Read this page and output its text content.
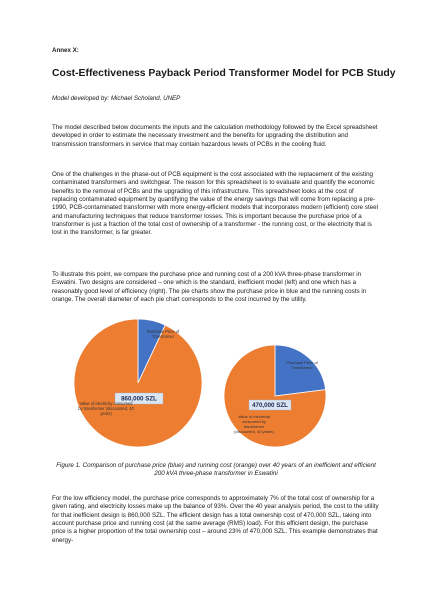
Annex X:
Cost-Effectiveness Payback Period Transformer Model for PCB Study
Model developed by: Michael Scholand, UNEP
The model described below documents the inputs and the calculation methodology followed by the Excel spreadsheet developed in order to estimate the necessary investment and the benefits for upgrading the distribution and transmission transformers in service that may contain hazardous levels of PCBs in the cooling fluid.
One of the challenges in the phase-out of PCB equipment is the cost associated with the replacement of the existing contaminated transformers and switchgear. The reason for this spreadsheet is to evaluate and quantify the economic benefits to the removal of PCBs and the upgrading of this infrastructure. This spreadsheet looks at the cost of replacing contaminated equipment by quantifying the value of the energy savings that will come from replacing a pre-1990, PCB-contaminated transformer with more energy-efficient models that incorporates modern (efficient) core steel and manufacturing techniques that reduce transformer losses. This is important because the purchase price of a transformer is just a fraction of the total cost of ownership of a transformer - the running cost, or the electricity that is lost in the transformer, is far greater.
To illustrate this point, we compare the purchase price and running cost of a 200 kVA three-phase transformer in Eswatini. Two designs are considered – one which is the standard, inefficient model (left) and one which has a reasonably good level of efficiency (right). The pie charts show the purchase price in blue and the running costs in orange. The overall diameter of each pie chart corresponds to the cost incurred by the utility.
860,000 SZL
Value of electricity consumed
by transformer (discounted, 40
years)
Purchase Price of
Transformer
470,000 SZL
Value of electricity
consumed by
transformer
(discounted, 40 years)
Purchase Price of
Transformer
Figure 1. Comparison of purchase price (blue) and running cost (orange) over 40 years of an inefficient and efficient 200 kVA three-phase transformer in Eswatini
For the low efficiency model, the purchase price corresponds to approximately 7% of the total cost of ownership for a given rating, and electricity losses make up the balance of 93%. Over the 40 year analysis period, the cost to the utility for that inefficient design is 860,000 SZL. The efficient design has a total ownership cost of 470,000 SZL, taking into account purchase price and running cost (at the same average (RMS) load). For this efficient design, the purchase price is a higher proportion of the total ownership cost – around 23% of 470,000 SZL. This example demonstrates that energy-
